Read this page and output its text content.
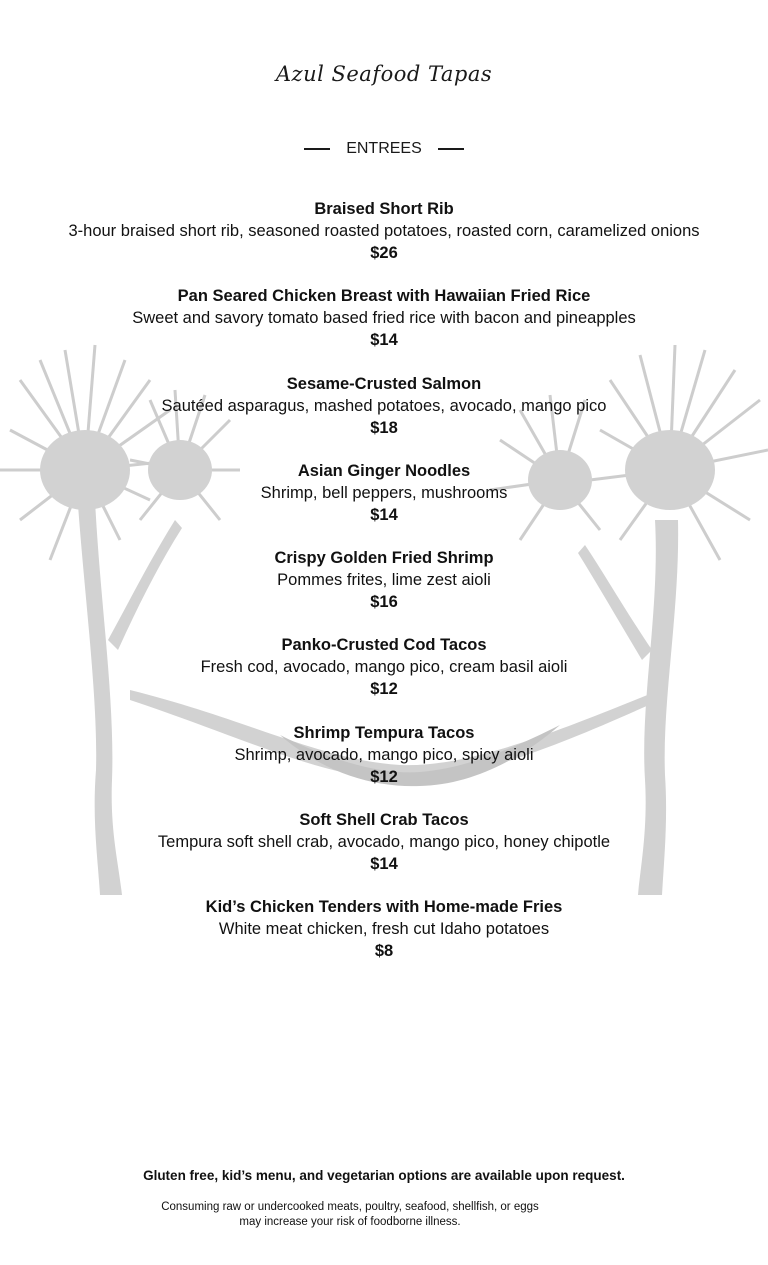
Azul Seafood Tapas
ENTREES
Braised Short Rib
3-hour braised short rib, seasoned roasted potatoes, roasted corn, caramelized onions
$26
Pan Seared Chicken Breast with Hawaiian Fried Rice
Sweet and savory tomato based fried rice with bacon and pineapples
$14
Sesame-Crusted Salmon
Sautéed asparagus, mashed potatoes, avocado, mango pico
$18
Asian Ginger Noodles
Shrimp, bell peppers, mushrooms
$14
Crispy Golden Fried Shrimp
Pommes frites, lime zest aioli
$16
Panko-Crusted Cod Tacos
Fresh cod, avocado, mango pico, cream basil aioli
$12
Shrimp Tempura Tacos
Shrimp, avocado, mango pico, spicy aioli
$12
Soft Shell Crab Tacos
Tempura soft shell crab, avocado, mango pico, honey chipotle
$14
Kid’s Chicken Tenders with Home-made Fries
White meat chicken, fresh cut Idaho potatoes
$8
Gluten free, kid’s menu, and vegetarian options are available upon request.
Consuming raw or undercooked meats, poultry, seafood, shellfish, or eggs
may increase your risk of foodborne illness.
